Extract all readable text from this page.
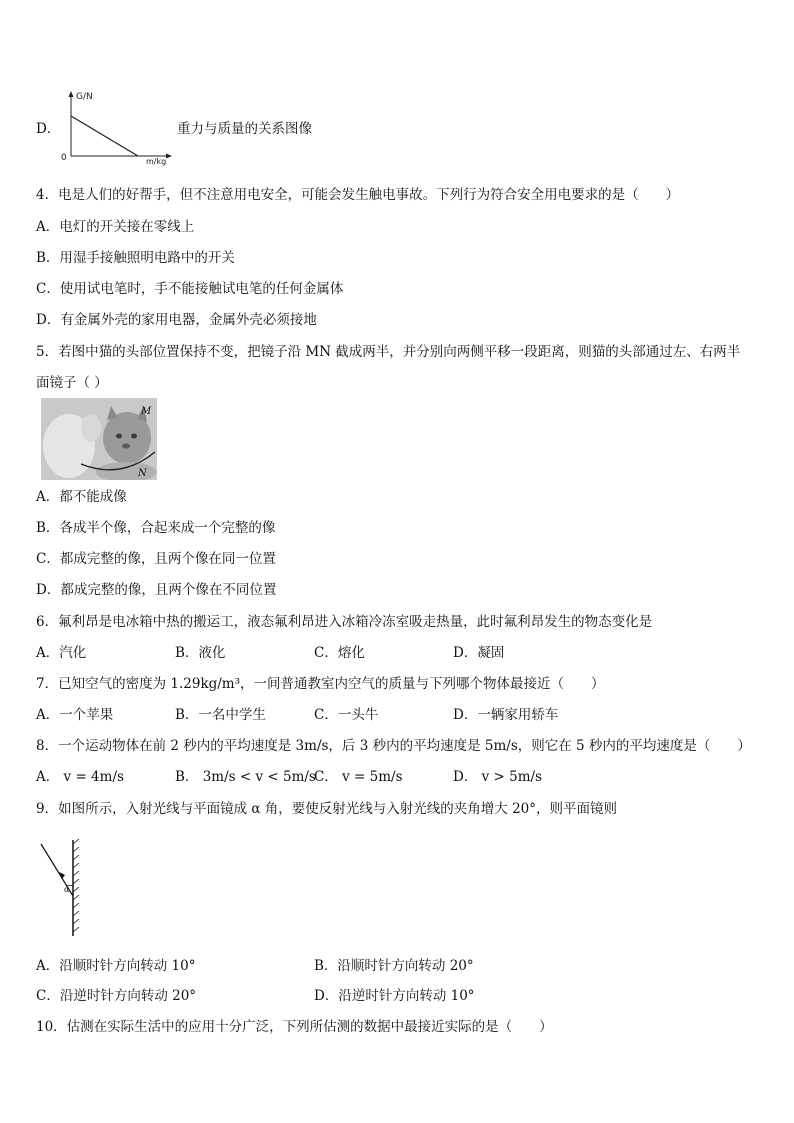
D．
G/N
0	m/kg
重力与质量的关系图像
4．电是人们的好帮手，但不注意用电安全，可能会发生触电事故。下列行为符合安全用电要求的是（　　）
A．电灯的开关接在零线上
B．用湿手接触照明电路中的开关
C．使用试电笔时，手不能接触试电笔的任何金属体
D．有金属外壳的家用电器，金属外壳必须接地
5．若图中猫的头部位置保持不变，把镜子沿 MN 截成两半，并分别向两侧平移一段距离，则猫的头部通过左、右两半
面镜子（ ）
M
N
A．都不能成像
B．各成半个像，合起来成一个完整的像
C．都成完整的像，且两个像在同一位置
D．都成完整的像，且两个像在不同位置
6．氟利昂是电冰箱中热的搬运工，液态氟利昂进入冰箱冷冻室吸走热量，此时氟利昂发生的物态变化是
A．汽化	B．液化	C．熔化	D．凝固
7．已知空气的密度为 1.29kg/m³，一间普通教室内空气的质量与下列哪个物体最接近（　　）
A．一个苹果	B．一名中学生	C．一头牛	D．一辆家用轿车
8．一个运动物体在前 2 秒内的平均速度是 3m/s，后 3 秒内的平均速度是 5m/s，则它在 5 秒内的平均速度是（　　）
A． v = 4m/s	B． 3m/s < v < 5m/s
C． v = 5m/s	D． v > 5m/s
9．如图所示，入射光线与平面镜成 α 角，要使反射光线与入射光线的夹角增大 20°，则平面镜则
α
A．沿顺时针方向转动 10°	B．沿顺时针方向转动 20°
C．沿逆时针方向转动 20°	D．沿逆时针方向转动 10°
10．估测在实际生活中的应用十分广泛，下列所估测的数据中最接近实际的是（　　）
